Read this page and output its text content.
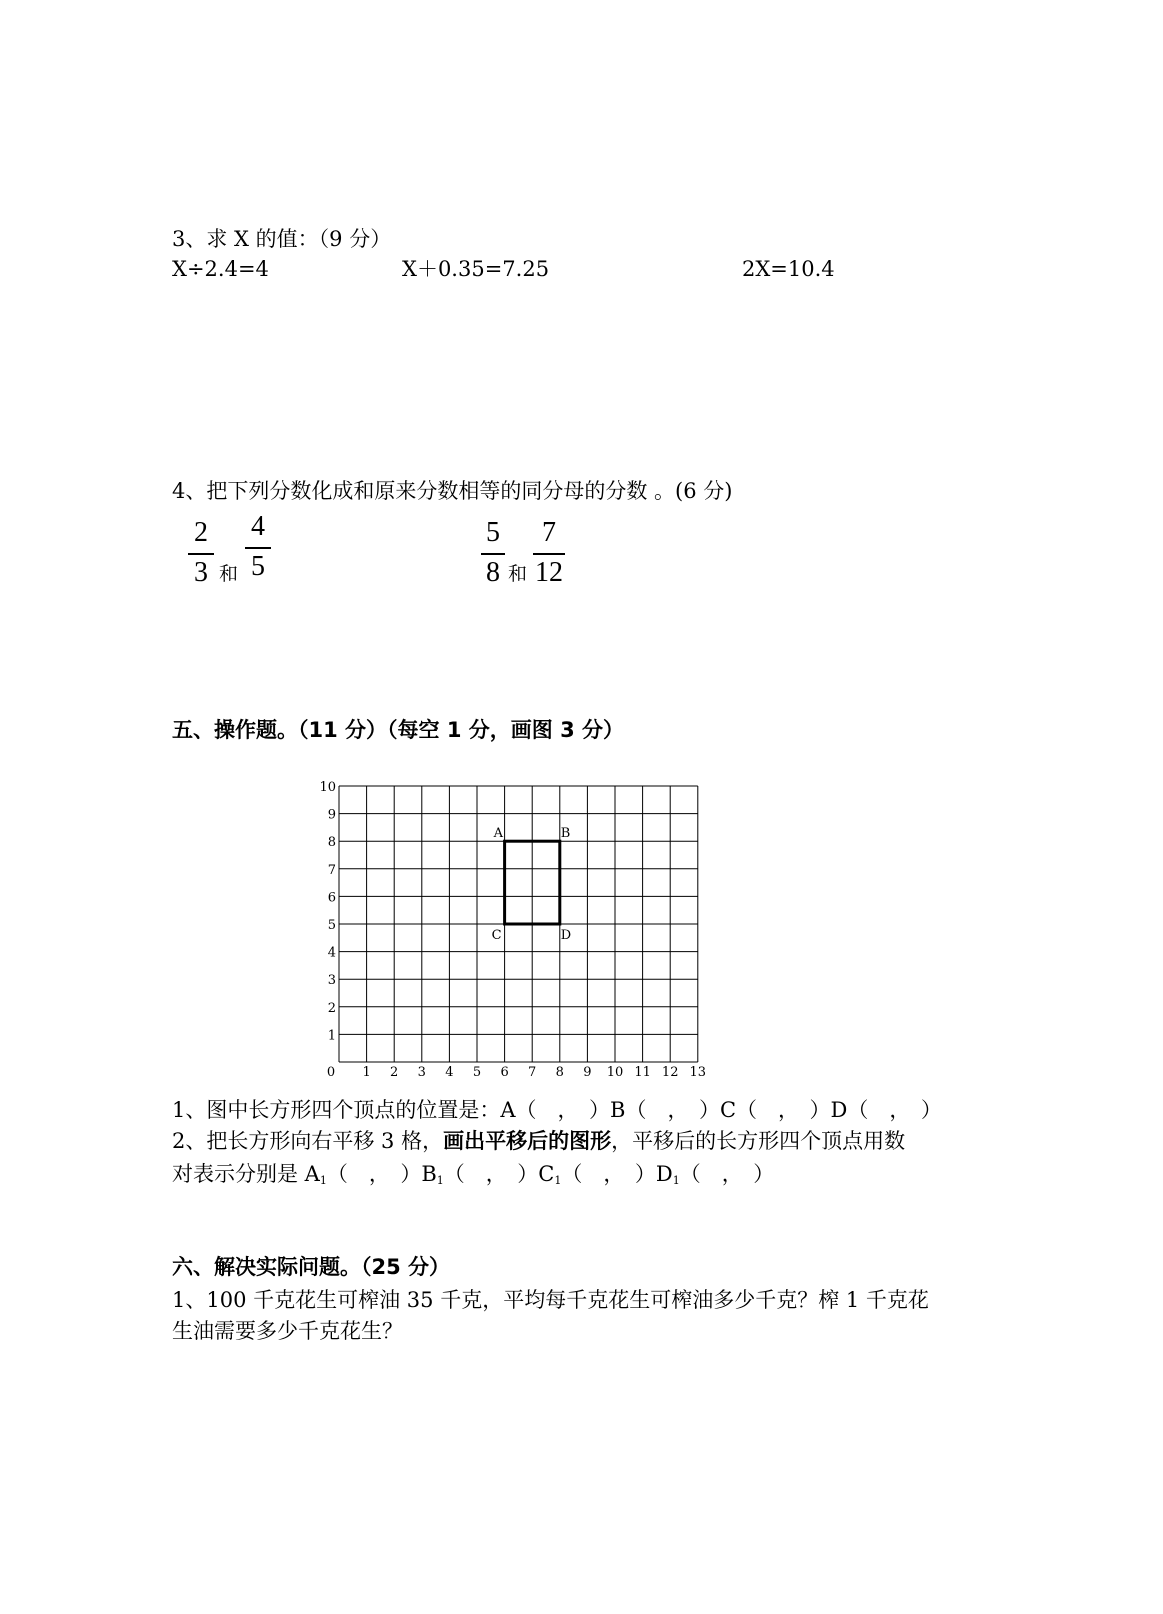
3、求 X 的值：（9 分）
X÷2.4=4	X＋0.35=7.25	2X=10.4
4、把下列分数化成和原来分数相等的同分母的分数 。(6 分)
2
3 和
4
5
5
8 和
7
12
五、操作题。（11 分）（每空 1 分，画图 3 分）
0 1 2 3 4 5 6 7 8 9 10 11 12 13
1
2
3
4
5
6
7
8
9
10
A	B
C	D
1、图中长方形四个顶点的位置是：A（　，　）B（　，　）C（　，　）D（　，　）
2、把长方形向右平移 3 格，画出平移后的图形，平移后的长方形四个顶点用数
对表示分别是 $A_1$（　，　）$B_1$（　，　）$C_1$（　，　）$D_1$（　，　）
六、解决实际问题。（25 分）
1、100 千克花生可榨油 35 千克，平均每千克花生可榨油多少千克？榨 1 千克花
生油需要多少千克花生？
